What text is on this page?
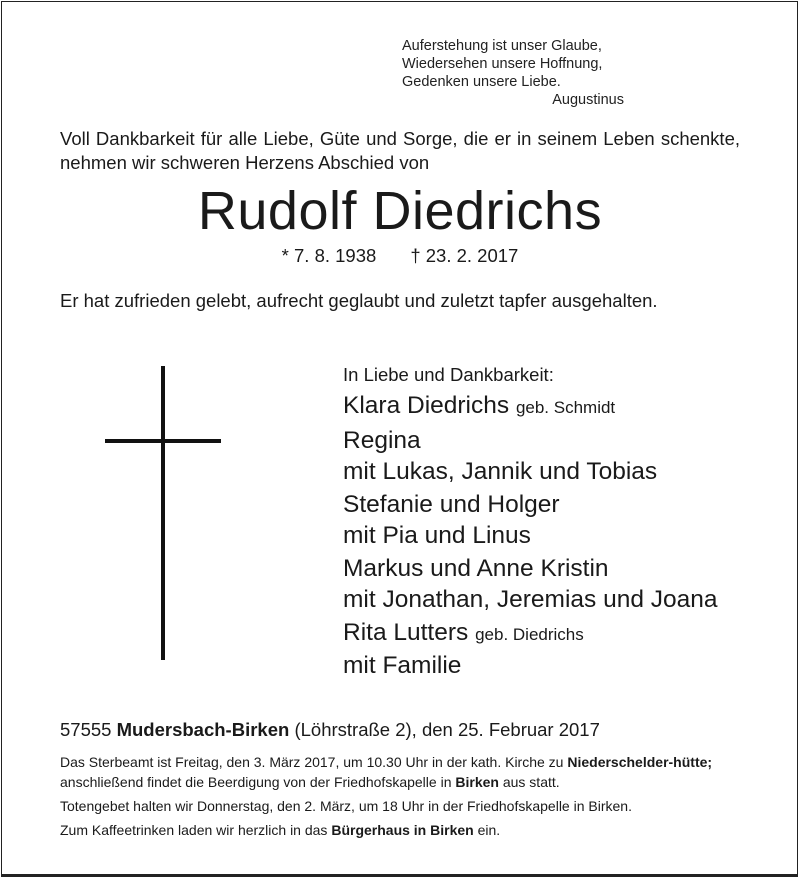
Auferstehung ist unser Glaube,
Wiedersehen unsere Hoffnung,
Gedenken unsere Liebe.
Augustinus
Voll Dankbarkeit für alle Liebe, Güte und Sorge, die er in seinem Leben schenkte, nehmen wir schweren Herzens Abschied von
Rudolf Diedrichs
* 7. 8. 1938 † 23. 2. 2017
Er hat zufrieden gelebt, aufrecht geglaubt und zuletzt tapfer ausgehalten.
In Liebe und Dankbarkeit:
Klara Diedrichs geb. Schmidt
Regina
mit Lukas, Jannik und Tobias
Stefanie und Holger
mit Pia und Linus
Markus und Anne Kristin
mit Jonathan, Jeremias und Joana
Rita Lutters geb. Diedrichs
mit Familie
57555 Mudersbach-Birken (Löhrstraße 2), den 25. Februar 2017

Das Sterbeamt ist Freitag, den 3. März 2017, um 10.30 Uhr in der kath. Kirche zu Niederschelder-hütte; anschließend findet die Beerdigung von der Friedhofskapelle in Birken aus statt.

Totengebet halten wir Donnerstag, den 2. März, um 18 Uhr in der Friedhofskapelle in Birken.

Zum Kaffeetrinken laden wir herzlich in das Bürgerhaus in Birken ein.
